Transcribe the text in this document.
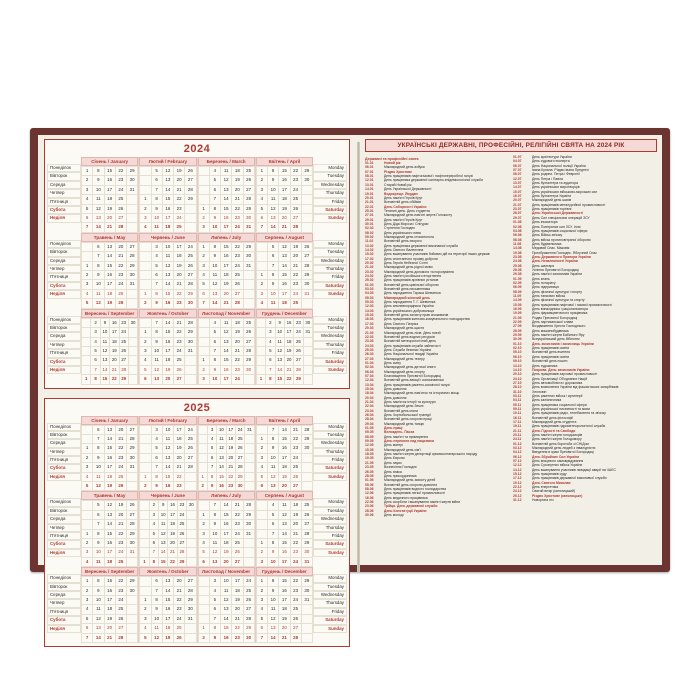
2024
Понедiлок
Вiвторок
Середа
Четвер
П'ятниця
Субота
Недiля
Січень / January
1	8	15	22	29
2	9	16	23	30
3	10	17	24	31
4	11	18	25	
5	12	19	26	
6	13	20	27	
7	14	21	28	
Лютий / February
	5	12	19	26
	6	13	20	27
	7	14	21	28
1	8	15	22	29
2	9	16	23	
3	10	17	24	
4	11	18	25	
Березень / March
	4	11	18	25
	5	12	19	26
	6	13	20	27
	7	14	21	28
1	8	15	22	29
2	9	16	23	30
3	10	17	24	31
Квітень / April
1	8	15	22	29
2	9	16	23	30
3	10	17	24	
4	11	18	25	
5	12	19	26	
6	13	20	27	
7	14	21	28	
Monday
Tuesday
Wednesday
Thursday
Friday
Saturday
Sunday
Понедiлок
Вiвторок
Середа
Четвер
П'ятниця
Субота
Недiля
Травень / May
	6	13	20	27
	7	14	21	28
1	8	15	22	29
2	9	16	23	30
3	10	17	24	31
4	11	18	25	
5	12	19	26	
Червень / June
	3	10	17	24
	4	11	18	25
	5	12	19	26
	6	13	20	27
	7	14	21	28
1	8	15	22	29
2	9	16	23	30
Липень / July
1	8	15	22	29
2	9	16	23	30
3	10	17	24	31
4	11	18	25	
5	12	19	26	
6	13	20	27	
7	14	21	28	
Серпень / August
	5	12	19	26
	6	13	20	27
	7	14	21	28
1	8	15	22	29
2	9	16	23	30
3	10	17	24	31
4	11	18	25	
Monday
Tuesday
Wednesday
Thursday
Friday
Saturday
Sunday
Понедiлок
Вiвторок
Середа
Четвер
П'ятниця
Субота
Недiля
Вересень / September
	2	9	16	23	30
	3	10	17	24	
	4	11	18	25	
	5	12	19	26	
	6	13	20	27	
	7	14	21	28	
1	8	15	22	29	
Жовтень / October
	7	14	21	28
1	8	15	22	29
2	9	16	23	30
3	10	17	24	31
4	11	18	25	
5	12	19	26	
6	13	20	27	
Листопад / November
	4	11	18	25
	5	12	19	26
	6	13	20	27
	7	14	21	28
1	8	15	22	29
2	9	16	23	30
3	10	17	24	
Грудень / December
	2	9	16	23	30
	3	10	17	24	31
	4	11	18	25	
	5	12	19	26	
	6	13	20	27	
	7	14	21	28	
1	8	15	22	29	
Monday
Tuesday
Wednesday
Thursday
Friday
Saturday
Sunday
2025
Понедiлок
Вiвторок
Середа
Четвер
П'ятниця
Субота
Недiля
Січень / January
	6	13	20	27
	7	14	21	28
1	8	15	22	29
2	9	16	23	30
3	10	17	24	31
4	11	18	25	
5	12	19	26	
Лютий / February
	3	10	17	24
	4	11	18	25
	5	12	19	26
	6	13	20	27
	7	14	21	28
1	8	15	22	
2	9	16	23	
Березень / March
	3	10	17	24	31
	4	11	18	25	
	5	12	19	26	
	6	13	20	27	
	7	14	21	28	
1	8	15	22	29	
2	9	16	23	30	
Квітень / April
	7	14	21	28
1	8	15	22	29
2	9	16	23	30
3	10	17	24	
4	11	18	25	
5	12	19	26	
6	13	20	27	
Monday
Tuesday
Wednesday
Thursday
Friday
Saturday
Sunday
Понедiлок
Вiвторок
Середа
Четвер
П'ятниця
Субота
Недiля
Травень / May
	5	12	19	26
	6	13	20	27
	7	14	21	28
1	8	15	22	29
2	9	16	23	30
3	10	17	24	31
4	11	18	25	
Червень / June
	2	9	16	23	30
	3	10	17	24	
	4	11	18	25	
	5	12	19	26	
	6	13	20	27	
	7	14	21	28	
1	8	15	22	29	
Липень / July
	7	14	21	28
1	8	15	22	29
2	9	16	23	30
3	10	17	24	31
4	11	18	25	
5	12	19	26	
6	13	20	27	
Серпень / August
	4	11	18	25
	5	12	19	26
	6	13	20	27
	7	14	21	28
1	8	15	22	29
2	9	16	23	30
3	10	17	24	31
Monday
Tuesday
Wednesday
Thursday
Friday
Saturday
Sunday
Понедiлок
Вiвторок
Середа
Четвер
П'ятниця
Субота
Недiля
Вересень / September
1	8	15	22	29
2	9	16	23	30
3	10	17	24	
4	11	18	25	
5	12	19	26	
6	13	20	27	
7	14	21	28	
Жовтень / October
	6	13	20	27
	7	14	21	28
1	8	15	22	29
2	9	16	23	30
3	10	17	24	31
4	11	18	25	
5	12	19	26	
Листопад / November
	3	10	17	24
	4	11	18	25
	5	12	19	26
	6	13	20	27
	7	14	21	28
1	8	15	22	29
2	9	16	23	30
Грудень / December
1	8	15	22	29
2	9	16	23	30
3	10	17	24	31
4	11	18	25	
5	12	19	26	
6	13	20	27	
7	14	21	28	
Monday
Tuesday
Wednesday
Thursday
Friday
Saturday
Sunday
УКРАЇНСЬКІ ДЕРЖАВНІ, ПРОФЕСІЙНІ, РЕЛІГІЙНІ СВЯТА НА 2024 РІК
Державні та професійні свята
01.01	Новий рік
06.01	Міжнародний день азбуки
07.01	Різдво Христове
08.01	День працівників нафтогазової і нафтопереробної галузі
12.01	День працівника державної санітарно-епідеміологічної служби
13.01	Старий Новий рік
14.01	День Української Державності
19.01	Водохреще. Йордан
20.01	День пам'яті Героїв Крут
21.01	Всесвітній день обіймів
22.01	День Соборності України
25.01	Тетянин день. День студента
27.01	Міжнародний день пам'яті жертв Голокосту
29.01	День пам'яті Героїв Крут
30.01	День Діда Мороза і Снігурки
02.02	Стрітення Господнє
08.02	День українського пива
09.02	Міжнародний день стоматолога
11.02	Всесвітній день хворого
13.02	День працівника державної виконавчої служби
14.02	День Святого Валентина
15.02	День вшанування учасників бойових дій на території інших держав
17.02	День спонтанного прояву доброти
20.02	День Героїв Небесної Сотні
21.02	Міжнародний день рідної мови
23.02	Міжнародний день допомоги та порозуміння
24.02	День пам'яті російського вторгнення
25.02	День працівників архівних установ
01.03	Всесвітній день цивільної оборони
03.03	Всесвітній день письменника
04.03	День народження Тараса Шевченка
08.03	Міжнародний жіночий день
09.03	День народження Т. Г. Шевченка
12.03	День землевпорядника України
14.03	День українського добровольця
15.03	Всесвітній день захисту прав споживачів
16.03	День працівників житлово-комунального господарства
17.03	День Святого Патріка
20.03	Міжнародний день щастя
21.03	Міжнародний день лісів. День поезії
22.03	Всесвітній день водних ресурсів
23.03	Всесвітній метеорологічний день
24.03	День працівників служби зайнятості
25.03	День Служби безпеки України
26.03	День Національної гвардії України
27.03	Міжнародний день театру
01.04	День сміху
02.04	Міжнародний день дитячої книги
06.04	Міжнародний день спорту
07.04	Благовіщення Пресвятої Богородиці
12.04	Всесвітній день авіації і космонавтики
13.04	День працівників ракетно-космічної галузі
15.04	День довкілля
18.04	Міжнародний день пам'яток та історичних місць
20.04	День довкілля
21.04	День пам'яток історії та культури
22.04	Міжнародний день Землі
23.04	Всесвітній день книги
26.04	День Чорнобильської трагедії
28.04	Всесвітній день охорони праці
29.04	Міжнародний день танцю
01.05	День праці
05.05	Великдень. Пасха
08.05	День пам'яті та примирення
09.05	День перемоги над нацизмом
12.05	День матері
15.05	Міжнародний день сім'ї
18.05	День пам'яті жертв депортації кримськотатарського народу
19.05	День Європи
21.05	День науки
23.05	Вознесіння Господнє
26.05	День хіміка
28.05	День прикордонника
01.06	Міжнародний день захисту дітей
05.06	Всесвітній день охорони довкілля
08.06	День працівників водного господарства
12.06	День працівників легкої промисловості
16.06	День медичного працівника
22.06	День скорботи і вшанування пам'яті жертв війни
23.06	Трійця. День державної служби
28.06	День Конституції України
30.06	День молоді
01.07	День архітектури України
04.07	День судового експерта
06.07	День Національної поліції України
07.07	Івана Купала. Різдво Івана Предтечі
08.07	День родини. Петра і Февронії
12.07	День Петра і Павла
13.07	День бухгалтера та аудитора
14.07	День українських миротворців
15.07	День українських військово-морських сил
16.07	День бухгалтера України
20.07	Міжнародний день шахів
21.07	День працівників металургійної промисловості
23.07	День працівників торгівлі
28.07	День Української Державності
29.07	День Сил спеціальних операцій ЗСУ
01.08	День інкасатора
02.08	День Повітряних сил ЗСУ. Ілля
04.08	День працівників соціальної сфери
06.08	День Військ зв'язку
08.08	День військ протиповітряної оборони
11.08	День будівельника
14.08	Медовий Спас. Маковія
19.08	Преображення Господнє. Яблучний Спас
23.08	День Державного Прапора України
24.08	День Незалежності України
25.08	День шахтаря
28.08	Успіння Пресвятої Богородиці
29.08	День пам'яті захисників України
01.09	День знань
02.09	День нотаріату
06.09	День підприємця
08.09	День фізичної культури і спорту
11.09	День танкових військ
14.09	День фізичної культури та спорту
15.09	День працівників нафтової і газової промисловості
16.09	День винахідника і раціоналізатора
19.09	День фармацевтичного працівника
21.09	Різдво Пресвятої Богородиці
22.09	День партизанської слави
27.09	Воздвиження Хреста Господнього
28.09	День машинобудівника
29.09	День пам'яті жертв Бабиного Яру
30.09	Всеукраїнський день бібліотек
01.10	День захисників і захисниць України
02.10	День працівників освіти
05.10	Всесвітній день вчителя
06.10	День працівників освіти
09.10	Всесвітній день пошти
13.10	День художника
14.10	Покрова. День захисників України
20.10	День працівників харчової промисловості
24.10	День Організації Об'єднаних Націй
27.10	День автомобіліста і дорожника
28.10	День визволення України від фашистських загарбників
31.10	Хелловін
03.11	День ракетних військ і артилерії
04.11	День залізничника
05.11	День працівника соціальної сфери
09.11	День української писемності та мови
10.11	День працівників радіо, телебачення та зв'язку
16.11	Всесвітній день філософії
17.11	Міжнародний день студента
19.11	День працівників гідрометеорологічної служби
21.11	День Гідності та Свободи
23.11	День пам'яті жертв голодоморів
24.11	День пам'яті жертв Голодомору
01.12	Всесвітній день боротьби зі СНІДом
03.12	Міжнародний день людей з інвалідністю
04.12	Введення в храм Пресвятої Богородиці
06.12	День Збройних Сил України
07.12	День місцевого самоврядування
12.12	День Сухопутних військ України
14.12	День вшанування учасників ліквідації аварії на ЧАЕС
15.12	День працівників суду
17.12	День працівників державної виконавчої служби
19.12	День Святого Миколая
22.12	День енергетика
24.12	Святий вечір (католицький)
25.12	Різдво Христове (католицьке)
31.12	Новорічна ніч
